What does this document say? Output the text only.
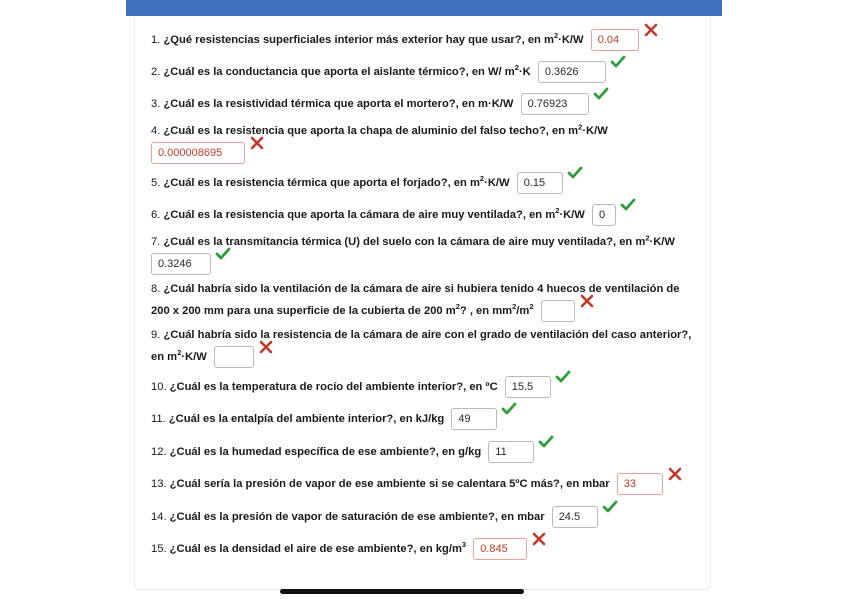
1. ¿Qué resistencias superficiales interior más exterior hay que usar?, en $m^2\cdot K/W$ 0.04
2. ¿Cuál es la conductancia que aporta el aislante térmico?, en W/ $m^2\cdot K$ 0.3626
3. ¿Cuál es la resistividad térmica que aporta el mortero?, en m·K/W 0.76923
4. ¿Cuál es la resistencia que aporta la chapa de aluminio del falso techo?, en $m^2\cdot K/W$
0.000008695
5. ¿Cuál es la resistencia térmica que aporta el forjado?, en $m^2\cdot K/W$ 0.15
6. ¿Cuál es la resistencia que aporta la cámara de aire muy ventilada?, en $m^2\cdot K/W$ 0
7. ¿Cuál es la transmitancia térmica (U) del suelo con la cámara de aire muy ventilada?, en $m^2\cdot K/W$
0.3246
8. ¿Cuál habría sido la ventilación de la cámara de aire si hubiera tenido 4 huecos de ventilación de
200 x 200 mm para una superficie de la cubierta de 200 $m^2$? , en $mm^2/m^2$
9. ¿Cuál habría sido la resistencia de la cámara de aire con el grado de ventilación del caso anterior?,
en $m^2\cdot K/W$
10. ¿Cuál es la temperatura de rocío del ambiente interior?, en ºC 15.5
11. ¿Cuál es la entalpía del ambiente interior?, en kJ/kg 49
12. ¿Cuál es la humedad específica de ese ambiente?, en g/kg 11
13. ¿Cuál sería la presión de vapor de ese ambiente si se calentara 5ºC más?, en mbar 33
14. ¿Cuál es la presión de vapor de saturación de ese ambiente?, en mbar 24.5
15. ¿Cuál es la densidad el aire de ese ambiente?, en $kg/m^3$ 0.845
